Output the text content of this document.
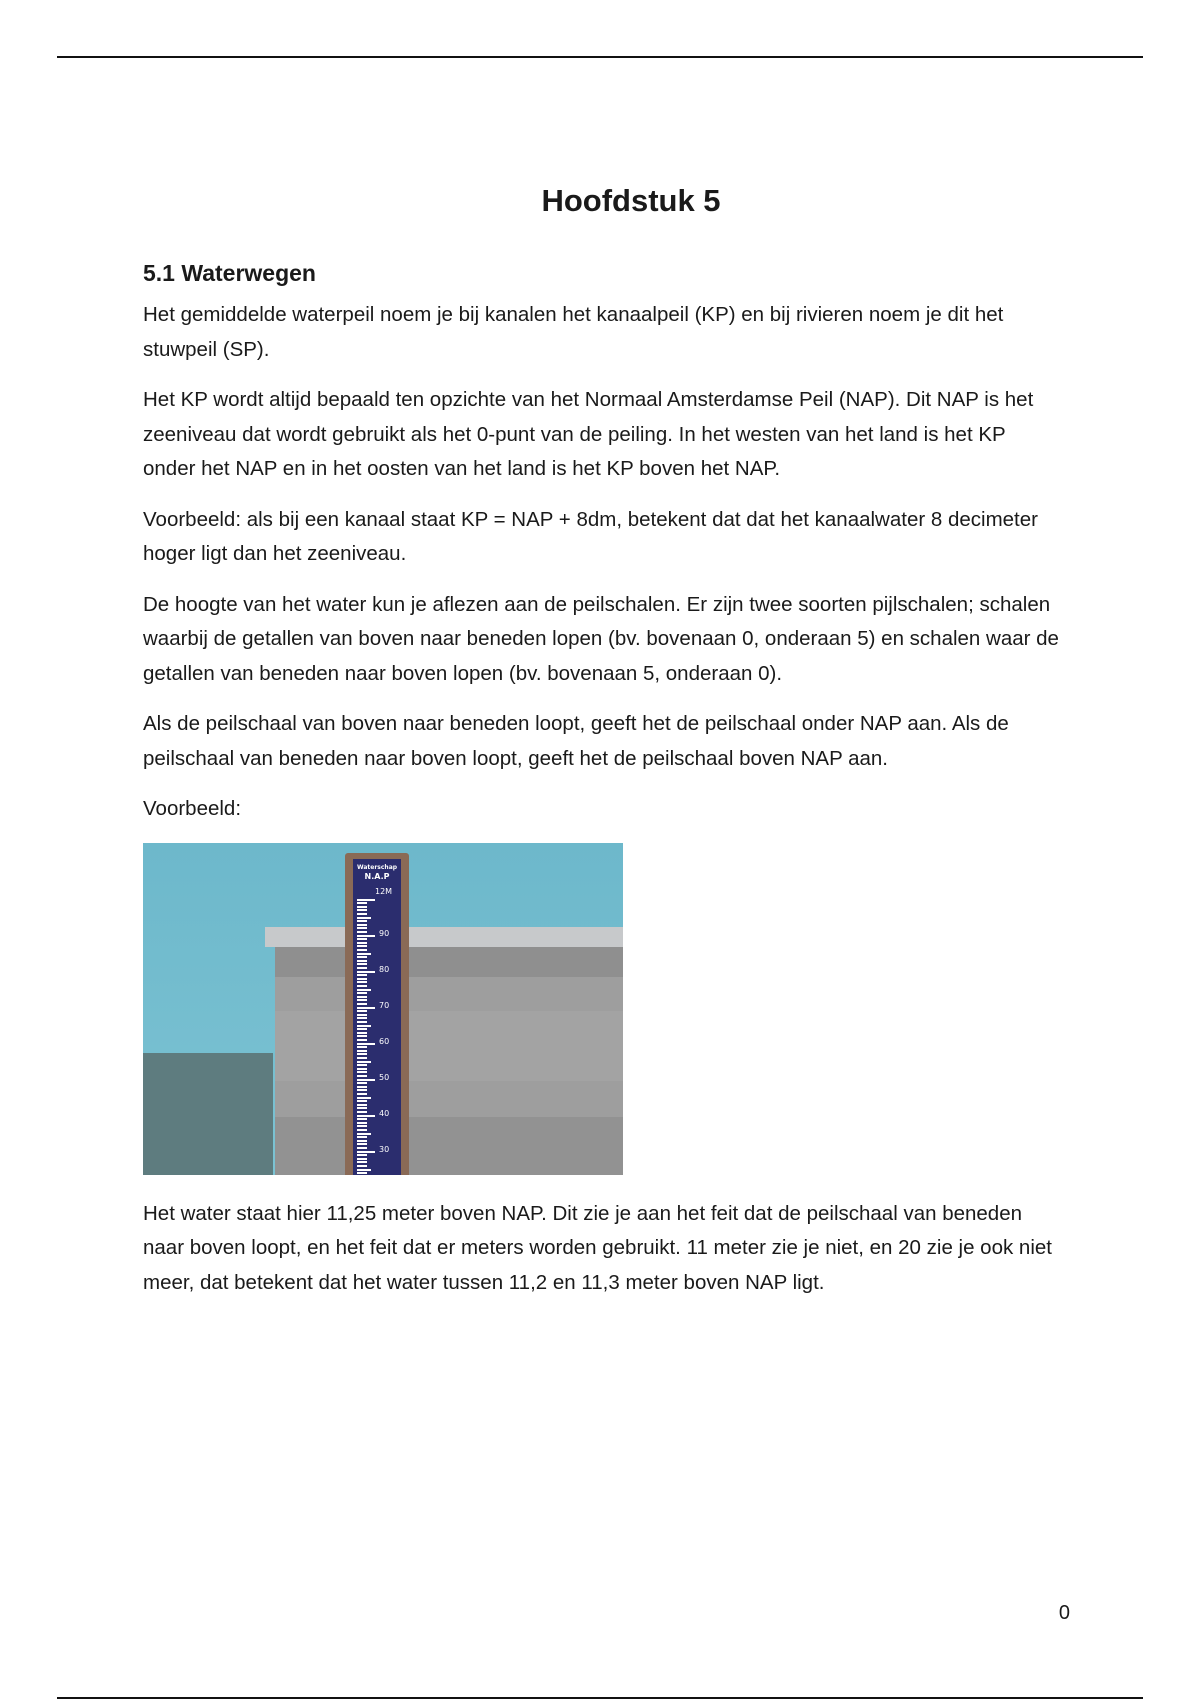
Hoofdstuk 5
5.1 Waterwegen

Het gemiddelde waterpeil noem je bij kanalen het kanaalpeil (KP) en bij rivieren noem je dit het stuwpeil (SP).

Het KP wordt altijd bepaald ten opzichte van het Normaal Amsterdamse Peil (NAP). Dit NAP is het zeeniveau dat wordt gebruikt als het 0-punt van de peiling. In het westen van het land is het KP onder het NAP en in het oosten van het land is het KP boven het NAP.

Voorbeeld: als bij een kanaal staat KP = NAP + 8dm, betekent dat dat het kanaalwater 8 decimeter hoger ligt dan het zeeniveau.

De hoogte van het water kun je aflezen aan de peilschalen. Er zijn twee soorten pijlschalen; schalen waarbij de getallen van boven naar beneden lopen (bv. bovenaan 0, onderaan 5) en schalen waar de getallen van beneden naar boven lopen (bv. bovenaan 5, onderaan 0).

Als de peilschaal van boven naar beneden loopt, geeft het de peilschaal onder NAP aan. Als de peilschaal van beneden naar boven loopt, geeft het de peilschaal boven NAP aan.

Voorbeeld:

Waterschap
N.A.P
12M
90
80
70
60
50
40
30

Het water staat hier 11,25 meter boven NAP. Dit zie je aan het feit dat de peilschaal van beneden naar boven loopt, en het feit dat er meters worden gebruikt. 11 meter zie je niet, en 20 zie je ook niet meer, dat betekent dat het water tussen 11,2 en 11,3 meter boven NAP ligt.

0
